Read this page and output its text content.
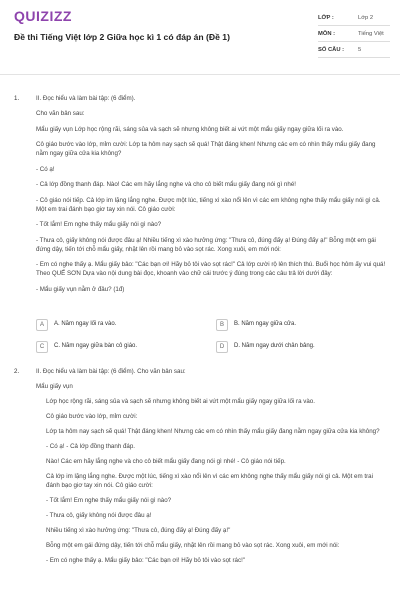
QUIZIZZ
Đề thi Tiếng Việt lớp 2 Giữa học kì 1 có đáp án (Đề 1)
LỚP :	Lớp 2
MÔN :	Tiếng Việt
SỐ CÂU : 5
1.	II. Đọc hiểu và làm bài tập: (6 điểm).

Cho văn bản sau:

Mẩu giấy vụn Lớp học rộng rãi, sáng sủa và sạch sẽ nhưng không biết ai vứt một mẩu giấy ngay giữa lối ra vào.

Cô giáo bước vào lớp, mỉm cười: Lớp ta hôm nay sạch sẽ quá! Thật đáng khen! Nhưng các em có nhìn thấy mẩu giấy đang nằm ngay giữa cửa kia không?

- Có ạ!

- Cả lớp đồng thanh đáp. Nào! Các em hãy lắng nghe và cho cô biết mẩu giấy đang nói gì nhé!

- Cô giáo nói tiếp. Cả lớp im lặng lắng nghe. Được một lúc, tiếng xì xào nổi lên vì các em không nghe thấy mẩu giấy nói gì cả. Một em trai đánh bạo giơ tay xin nói. Cô giáo cười:

- Tốt lắm! Em nghe thấy mẩu giấy nói gì nào?

- Thưa cô, giấy không nói được đâu ạ! Nhiều tiếng xì xào hưởng ứng: "Thưa cô, đúng đấy ạ! Đúng đấy ạ!" Bỗng một em gái đứng dậy, tiến tới chỗ mẩu giấy, nhặt lên rồi mang bỏ vào sọt rác. Xong xuôi, em mới nói:

- Em có nghe thấy ạ. Mẩu giấy bảo: "Các bạn ơi! Hãy bỏ tôi vào sọt rác!" Cả lớp cười rộ lên thích thú. Buổi học hôm ấy vui quá! Theo QUẾ SƠN Dựa vào nội dung bài đọc, khoanh vào chữ cái trước ý đúng trong các câu trả lời dưới đây:

- Mẩu giấy vụn nằm ở đâu? (1đ)

A	A. Năm ngay lối ra vào.	B	B. Năm ngay giữa cửa.
C	C. Năm ngay giữa bàn cô giáo.	D	D. Năm ngay dưới chân bảng.
2.	II. Đọc hiểu và làm bài tập: (6 điểm). Cho văn bản sau:

Mẩu giấy vụn

Lớp học rộng rãi, sáng sủa và sạch sẽ nhưng không biết ai vứt một mẩu giấy ngay giữa lối ra vào.

Cô giáo bước vào lớp, mỉm cười:

Lớp ta hôm nay sạch sẽ quá! Thật đáng khen! Nhưng các em có nhìn thấy mẩu giấy đang nằm ngay giữa cửa kia không?

- Có ạ! - Cả lớp đồng thanh đáp.

Nào! Các em hãy lắng nghe và cho cô biết mẩu giấy đang nói gì nhé! - Cô giáo nói tiếp.

Cả lớp im lặng lắng nghe. Được một lúc, tiếng xì xào nổi lên vì các em không nghe thấy mẩu giấy nói gì cả. Một em trai đánh bạo giơ tay xin nói. Cô giáo cười:

- Tốt lắm! Em nghe thấy mẩu giấy nói gì nào?

- Thưa cô, giấy không nói được đâu ạ!

Nhiều tiếng xì xào hưởng ứng: "Thưa cô, đúng đấy ạ! Đúng đấy ạ!"

Bỗng một em gái đứng dậy, tiến tới chỗ mẩu giấy, nhặt lên rồi mang bỏ vào sọt rác. Xong xuôi, em mới nói:

- Em có nghe thấy ạ. Mẩu giấy bảo: "Các bạn ơi! Hãy bỏ tôi vào sọt rác!"
